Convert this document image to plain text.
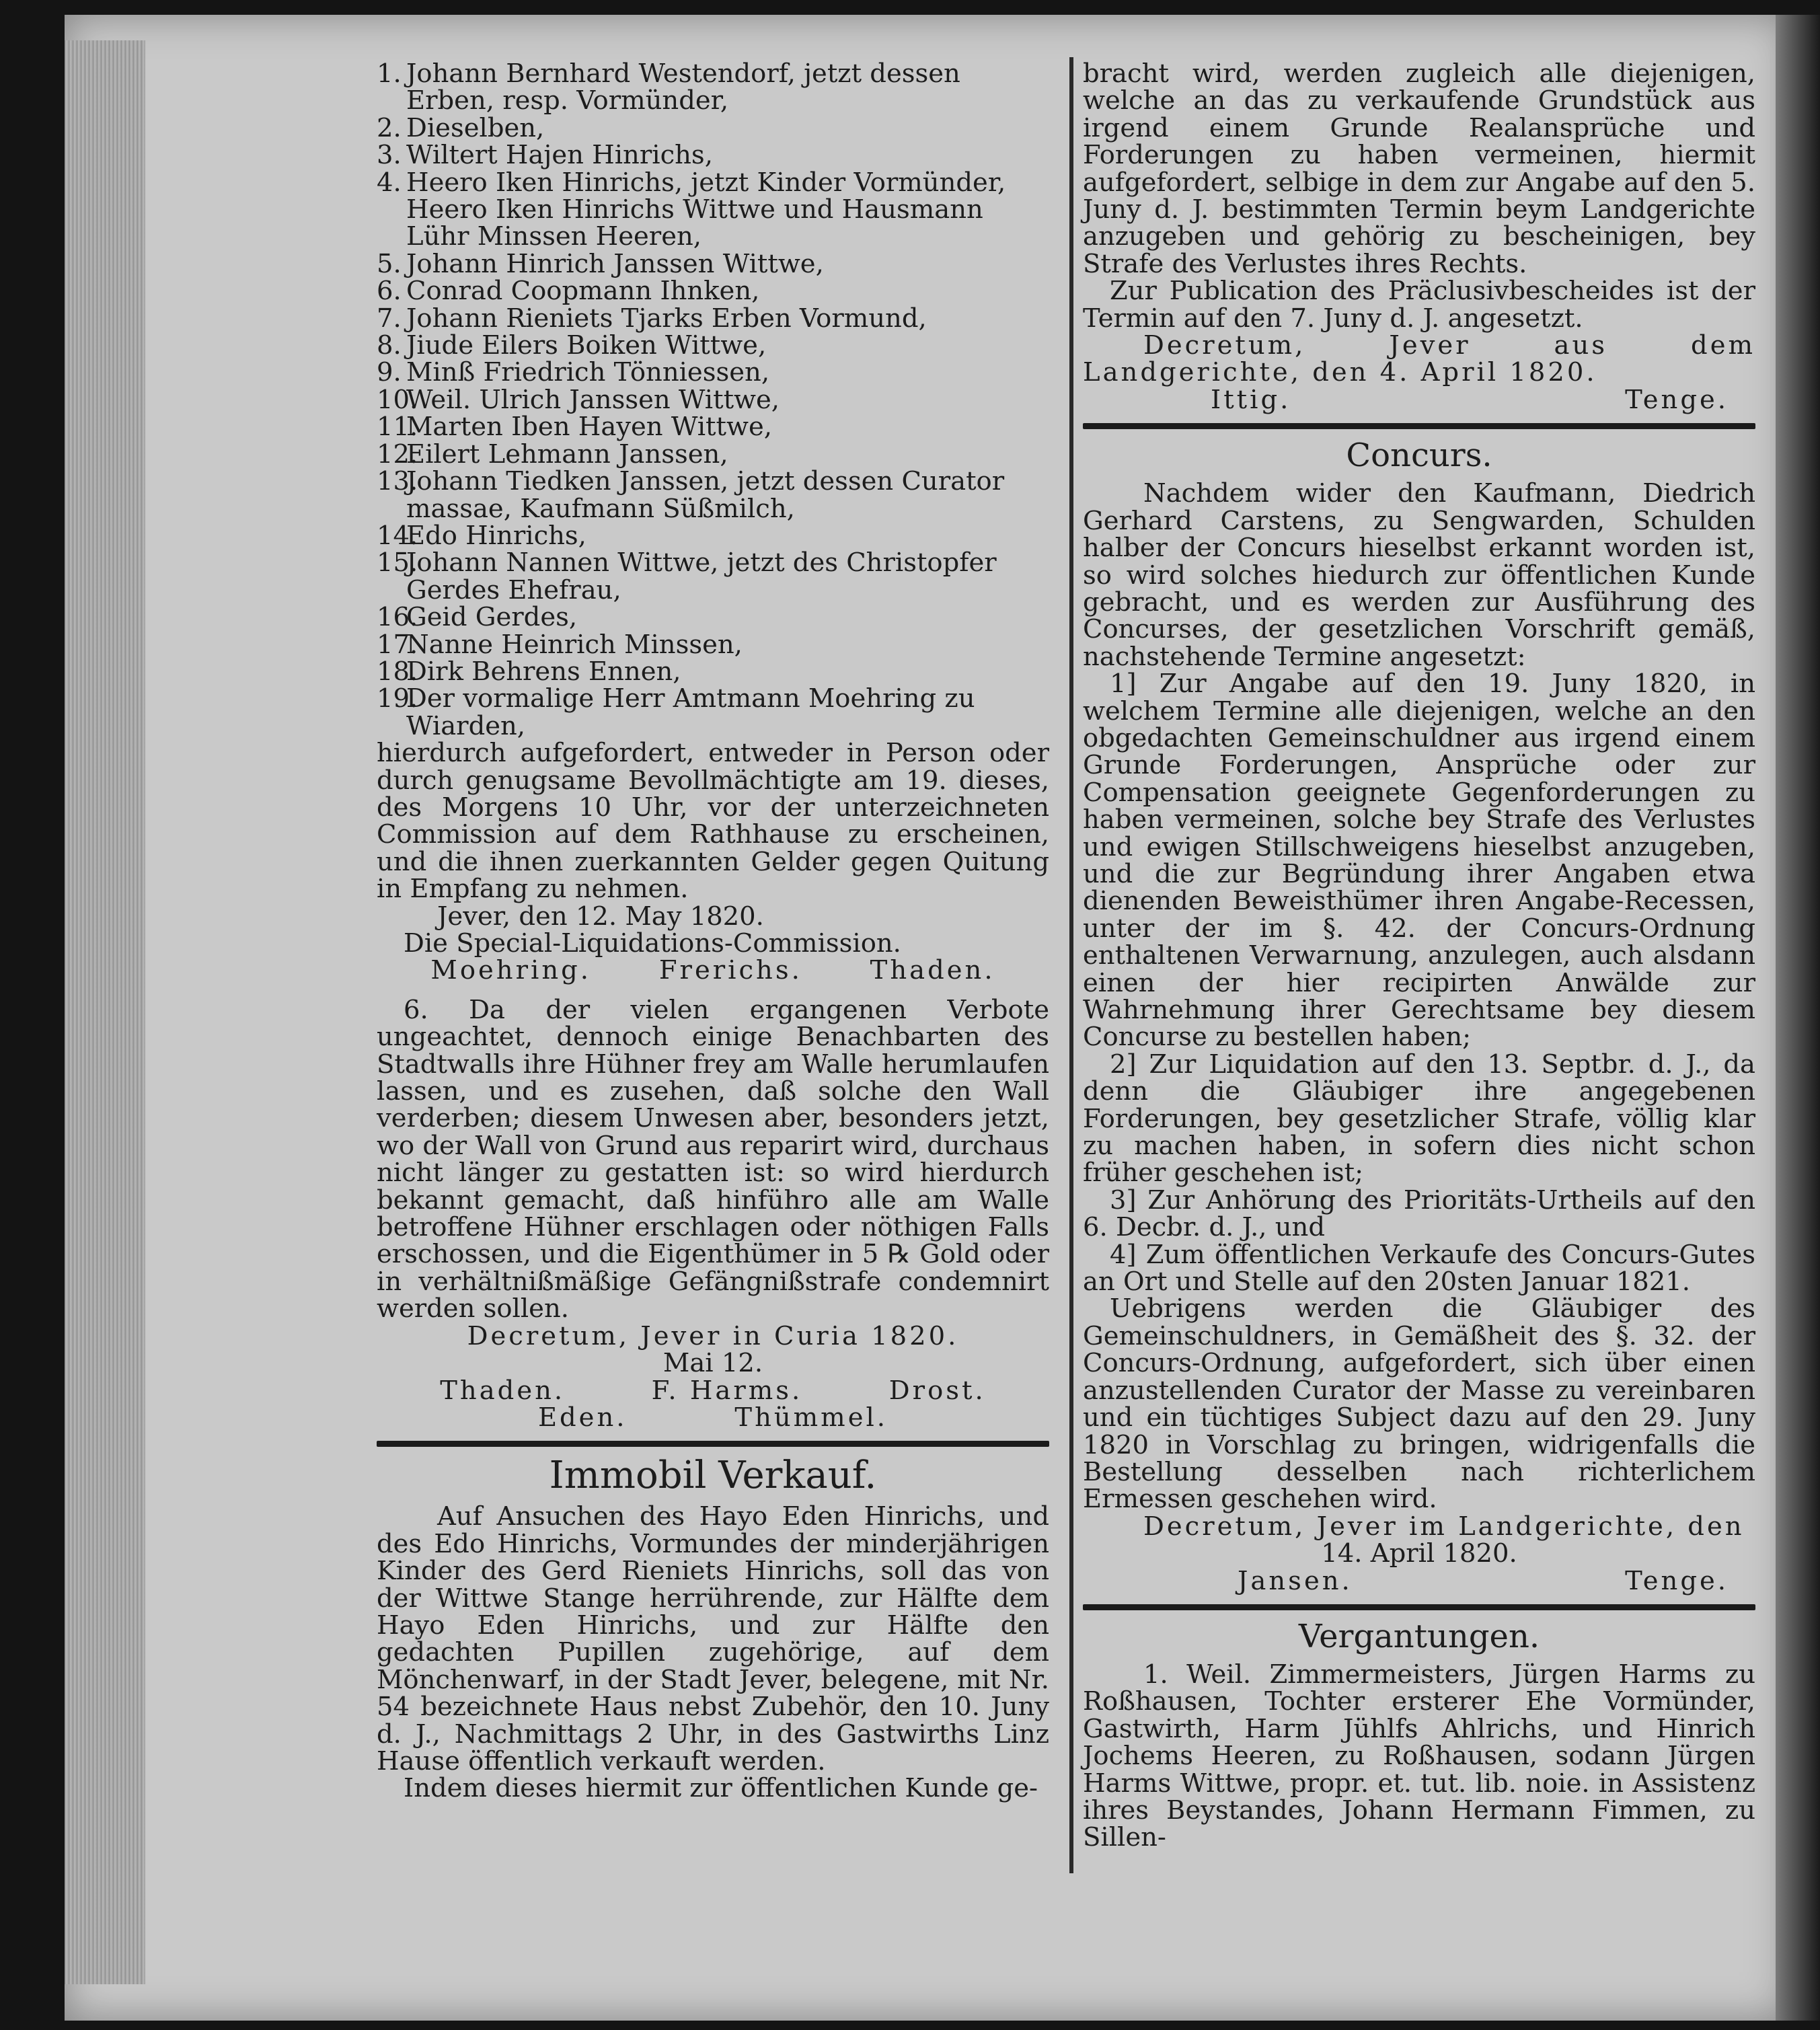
1. Johann Bernhard Westendorf, jetzt dessen Erben, resp. Vormünder,

2. Dieselben,

3. Wiltert Hajen Hinrichs,

4. Heero Iken Hinrichs, jetzt Kinder Vormünder, Heero Iken Hinrichs Wittwe und Hausmann Lühr Minssen Heeren,

5. Johann Hinrich Janssen Wittwe,

6. Conrad Coopmann Ihnken,

7. Johann Rieniets Tjarks Erben Vormund,

8. Jiude Eilers Boiken Wittwe,

9. Minß Friedrich Tönniessen,

10.Weil. Ulrich Janssen Wittwe,

11.Marten Iben Hayen Wittwe,

12.Eilert Lehmann Janssen,

13.Johann Tiedken Janssen, jetzt dessen Curator massae, Kaufmann Süßmilch,

14.Edo Hinrichs,

15.Johann Nannen Wittwe, jetzt des Christopfer Gerdes Ehefrau,

16.Geid Gerdes,

17.Nanne Heinrich Minssen,

18.Dirk Behrens Ennen,

19.Der vormalige Herr Amtmann Moehring zu Wiarden,

hierdurch aufgefordert, entweder in Person oder durch genugsame Bevollmächtigte am 19. dieses, des Morgens 10 Uhr, vor der unterzeichneten Commission auf dem Rathhause zu erscheinen, und die ihnen zuerkannten Gelder gegen Quitung in Empfang zu nehmen.

Jever, den 12. May 1820.

Die Special-Liquidations-Commission.

Moehring.	Frerichs.	Thaden.

6. Da der vielen ergangenen Verbote ungeachtet, dennoch einige Benachbarten des Stadtwalls ihre Hühner frey am Walle herumlaufen lassen, und es zusehen, daß solche den Wall verderben; diesem Unwesen aber, besonders jetzt, wo der Wall von Grund aus reparirt wird, durchaus nicht länger zu gestatten ist: so wird hierdurch bekannt gemacht, daß hinführo alle am Walle betroffene Hühner erschlagen oder nöthigen Falls erschossen, und die Eigenthümer in 5 ℞ Gold oder in verhältnißmäßige Gefängnißstrafe condemnirt werden sollen.

Decretum, Jever in Curia 1820.

Mai 12.

Thaden.	F. Harms.	Drost.
Eden.	Thümmel.
Immobil Verkauf.

Auf Ansuchen des Hayo Eden Hinrichs, und des Edo Hinrichs, Vormundes der minderjährigen Kinder des Gerd Rieniets Hinrichs, soll das von der Wittwe Stange herrührende, zur Hälfte dem Hayo Eden Hinrichs, und zur Hälfte den gedachten Pupillen zugehörige, auf dem Mönchenwarf, in der Stadt Jever, belegene, mit Nr. 54 bezeichnete Haus nebst Zubehör, den 10. Juny d. J., Nachmittags 2 Uhr, in des Gastwirths Linz Hause öffentlich verkauft werden.

Indem dieses hiermit zur öffentlichen Kunde ge-

bracht wird, werden zugleich alle diejenigen, welche an das zu verkaufende Grundstück aus irgend einem Grunde Realansprüche und Forderungen zu haben vermeinen, hiermit aufgefordert, selbige in dem zur Angabe auf den 5. Juny d. J. bestimmten Termin beym Landgerichte anzugeben und gehörig zu bescheinigen, bey Strafe des Verlustes ihres Rechts.

Zur Publication des Präclusivbescheides ist der Termin auf den 7. Juny d. J. angesetzt.

Decretum, Jever aus dem Landgerichte, den 4. April 1820.

Ittig.	Tenge.
Concurs.

Nachdem wider den Kaufmann, Diedrich Gerhard Carstens, zu Sengwarden, Schulden halber der Concurs hieselbst erkannt worden ist, so wird solches hiedurch zur öffentlichen Kunde gebracht, und es werden zur Ausführung des Concurses, der gesetzlichen Vorschrift gemäß, nachstehende Termine angesetzt:

1] Zur Angabe auf den 19. Juny 1820, in welchem Termine alle diejenigen, welche an den obgedachten Gemeinschuldner aus irgend einem Grunde Forderungen, Ansprüche oder zur Compensation geeignete Gegenforderungen zu haben vermeinen, solche bey Strafe des Verlustes und ewigen Stillschweigens hieselbst anzugeben, und die zur Begründung ihrer Angaben etwa dienenden Beweisthümer ihren Angabe-Recessen, unter der im §. 42. der Concurs-Ordnung enthaltenen Verwarnung, anzulegen, auch alsdann einen der hier recipirten Anwälde zur Wahrnehmung ihrer Gerechtsame bey diesem Concurse zu bestellen haben;

2] Zur Liquidation auf den 13. Septbr. d. J., da denn die Gläubiger ihre angegebenen Forderungen, bey gesetzlicher Strafe, völlig klar zu machen haben, in sofern dies nicht schon früher geschehen ist;

3] Zur Anhörung des Prioritäts-Urtheils auf den 6. Decbr. d. J., und

4] Zum öffentlichen Verkaufe des Concurs-Gutes an Ort und Stelle auf den 20sten Januar 1821.

Uebrigens werden die Gläubiger des Gemeinschuldners, in Gemäßheit des §. 32. der Concurs-Ordnung, aufgefordert, sich über einen anzustellenden Curator der Masse zu vereinbaren und ein tüchtiges Subject dazu auf den 29. Juny 1820 in Vorschlag zu bringen, widrigenfalls die Bestellung desselben nach richterlichem Ermessen geschehen wird.

Decretum, Jever im Landgerichte, den

14. April 1820.

Jansen.	Tenge.
Vergantungen.

1. Weil. Zimmermeisters, Jürgen Harms zu Roßhausen, Tochter ersterer Ehe Vormünder, Gastwirth, Harm Jühlfs Ahlrichs, und Hinrich Jochems Heeren, zu Roßhausen, sodann Jürgen Harms Wittwe, propr. et. tut. lib. noie. in Assistenz ihres Beystandes, Johann Hermann Fimmen, zu Sillen-
